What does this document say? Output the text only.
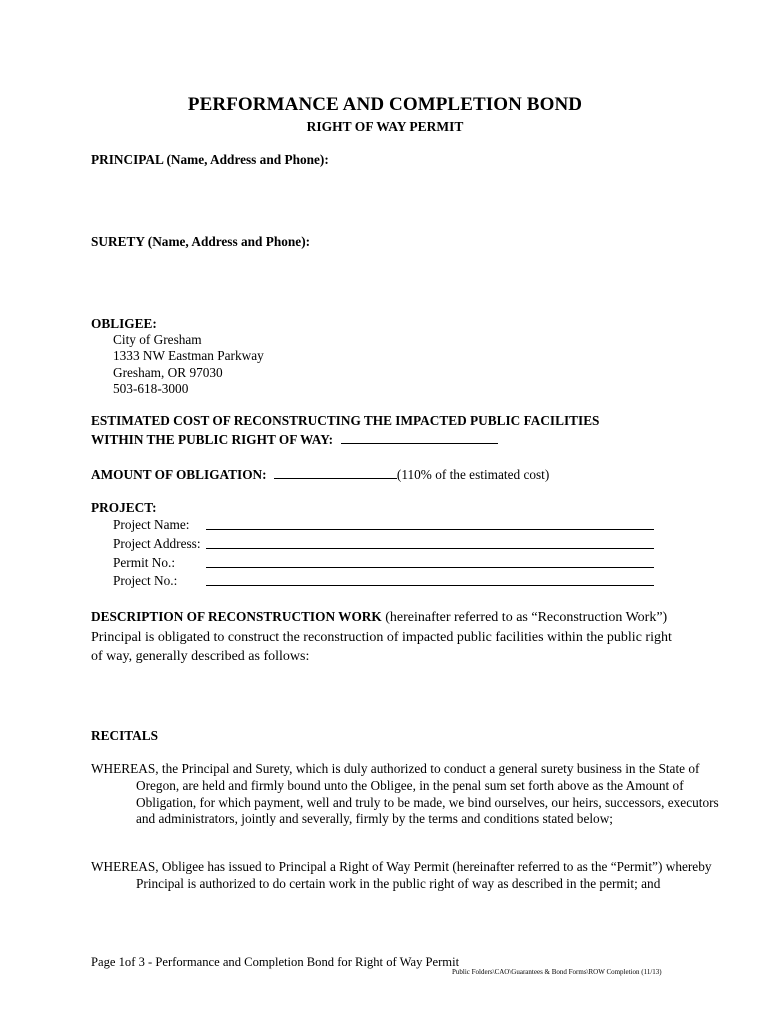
PERFORMANCE AND COMPLETION BOND
RIGHT OF WAY PERMIT
PRINCIPAL (Name, Address and Phone):
SURETY (Name, Address and Phone):
OBLIGEE:
City of Gresham
1333 NW Eastman Parkway
Gresham, OR 97030
503-618-3000
ESTIMATED COST OF RECONSTRUCTING THE IMPACTED PUBLIC FACILITIES
WITHIN THE PUBLIC RIGHT OF WAY:
AMOUNT OF OBLIGATION:	(110% of the estimated cost)
PROJECT:
Project Name:
Project Address:
Permit No.:
Project No.:
DESCRIPTION OF RECONSTRUCTION WORK (hereinafter referred to as “Reconstruction Work”) Principal is obligated to construct the reconstruction of impacted public facilities within the public right of way, generally described as follows:
RECITALS
WHEREAS, the Principal and Surety, which is duly authorized to conduct a general surety business in the State of Oregon, are held and firmly bound unto the Obligee, in the penal sum set forth above as the Amount of Obligation, for which payment, well and truly to be made, we bind ourselves, our heirs, successors, executors and administrators, jointly and severally, firmly by the terms and conditions stated below;
WHEREAS, Obligee has issued to Principal a Right of Way Permit (hereinafter referred to as the “Permit”) whereby Principal is authorized to do certain work in the public right of way as described in the permit; and
Page 1of 3 - Performance and Completion Bond for Right of Way Permit
Public Folders\CAO\Guarantees & Bond Forms\ROW Completion (11/13)
